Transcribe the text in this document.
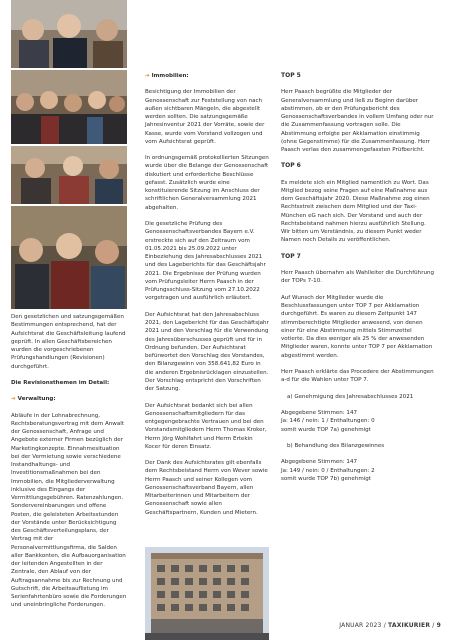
Den gesetzlichen und satzungsgemäßen Bestimmungen entsprechend, hat der Aufsichtsrat die Geschäftsleitung laufend geprüft. In allen Geschäftsbereichen wurden die vorgeschriebenen Prüfungshandlungen (Revisionen) durchgeführt.

Die Revisionsthemen im Detail:

➔ Verwaltung:

Abläufe in der Lohnabrechnung, Rechtsberatungsvertrag mit dem Anwalt der Genossenschaft, Anfrage und Angebote externer Firmen bezüglich der Marketingkonzepte. Einnahmesituation bei der Vermietung sowie verschiedene Instandhaltungs- und Investitionsmaßnahmen bei den Immobilien, die Mitgliederverwaltung inklusive des Eingangs der Vermittlungsgebühren. Ratenzahlungen. Sondervereinbarungen und offene Posten, die geleisteten Arbeitsstunden der Vorstände unter Berücksichtigung des Geschäftsverteilungsplans, der Vertrag mit der Personalvermittlungsfirma, die Salden aller Bankkonten, die Aufbauorganisation der leitenden Angestellten in der Zentrale, den Ablauf von der Auftragsannahme bis zur Rechnung und Gutschrift, die Arbeitsauflistung im Serienfahrtenbüro sowie die Forderungen und uneinbringliche Forderungen.

➔ Immobilien:

Besichtigung der Immobilien der Genossenschaft zur Feststellung von nach außen sichtbaren Mängeln, die abgestellt werden sollten. Die satzungsgemäße Jahresinventur 2021 der Vorräte, sowie der Kasse, wurde vom Vorstand vollzogen und vom Aufsichtsrat geprüft.

In ordnungsgemäß protokollierten Sitzungen wurde über die Belange der Genossenschaft diskutiert und erforderliche Beschlüsse gefasst. Zusätzlich wurde eine konstituierende Sitzung im Anschluss der schriftlichen Generalversammlung 2021 abgehalten.

Die gesetzliche Prüfung des Genossenschaftsverbandes Bayern e.V. erstreckte sich auf den Zeitraum vom 01.05.2021 bis 25.09.2022 unter Einbeziehung des Jahresabschlusses 2021 und des Lageberichts für das Geschäftsjahr 2021. Die Ergebnisse der Prüfung wurden vom Prüfungsleiter Herrn Paasch in der Prüfungsschluss-Sitzung vom 27.10.2022 vorgetragen und ausführlich erläutert.

Der Aufsichtsrat hat den Jahresabschluss 2021, den Lagebericht für das Geschäftsjahr 2021 und den Vorschlag für die Verwendung des Jahresüberschusses geprüft und für in Ordnung befunden. Der Aufsichtsrat befürwortet den Vorschlag des Vorstandes, den Bilanzgewinn von 358.641,82 Euro in die anderen Ergebnisrücklagen einzustellen. Der Vorschlag entspricht den Vorschriften der Satzung.

Der Aufsichtsrat bedankt sich bei allen Genossenschaftsmitgliedern für das entgegengebrachte Vertrauen und bei den Vorstandsmitgliedern Herrn Thomas Kroker, Herrn Jörg Wohlfahrt und Herrn Ertekin Kocer für deren Einsatz.

Der Dank des Aufsichtsrates gilt ebenfalls dem Rechtsbeistand Herrn von Wever sowie Herrn Paasch und seiner Kollegen vom Genossenschaftsverband Bayern, allen Mitarbeiterinnen und Mitarbeitern der Genossenschaft sowie allen Geschäftspartnern, Kunden und Mietern.

TOP 5

Herr Paasch begrüßte die Mitglieder der Generalversammlung und ließ zu Beginn darüber abstimmen, ob er den Prüfungsbericht des Genossenschaftsverbandes in vollem Umfang oder nur die Zusammenfassung vortragen solle. Die Abstimmung erfolgte per Akklamation einstimmig (ohne Gegenstimme) für die Zusammenfassung. Herr Paasch verlas den zusammengefassten Prüfbericht.

TOP 6

Es meldete sich ein Mitglied namentlich zu Wort. Das Mitglied bezog seine Fragen auf eine Maßnahme aus dem Geschäftsjahr 2020. Diese Maßnahme zog einen Rechtsstreit zwischen dem Mitglied und der Taxi-München eG nach sich. Der Vorstand und auch der Rechtsbeistand nahmen hierzu ausführlich Stellung. Wir bitten um Verständnis, zu diesem Punkt weder Namen noch Details zu veröffentlichen.

TOP 7

Herr Paasch übernahm als Wahlleiter die Durchführung der TOPs 7-10.

Auf Wunsch der Mitglieder wurde die Beschlussfassungen unter TOP 7 per Akklamation durchgeführt. Es waren zu diesem Zeitpunkt 147 stimmberechtigte Mitglieder anwesend, von denen einer für eine Abstimmung mittels Stimmzettel votierte. Da dies weniger als 25 % der anwesenden Mitglieder waren, konnte unter TOP 7 per Akklamation abgestimmt werden.

Herr Paasch erklärte das Procedere der Abstimmungen a-d für die Wahlen unter TOP 7.

a) Genehmigung des Jahresabschlusses 2021

Abgegebene Stimmen: 147
Ja: 146 / nein: 1 / Enthaltungen: 0
somit wurde TOP 7a) genehmigt

b) Behandlung des Bilanzgewinnes

Abgegebene Stimmen: 147
Ja: 149 / nein: 0 / Enthaltungen: 2
somit wurde TOP 7b) genehmigt
JANUAR 2023 / TAXIKURIER / 9
